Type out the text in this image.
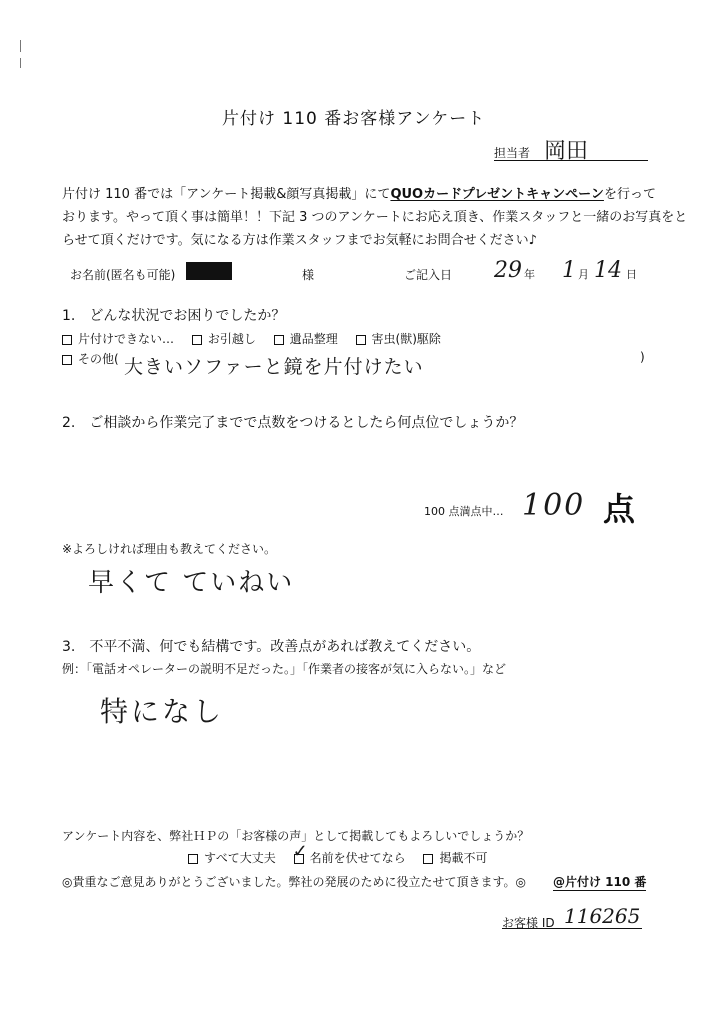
片付け 110 番お客様アンケート
担当者 岡田
片付け 110 番では「アンケート掲載&顔写真掲載」にてQUOカードプレゼントキャンペーンを行って
おります。やって頂く事は簡単！！下記 3 つのアンケートにお応え頂き、作業スタッフと一緒のお写真をと
らせて頂くだけです。気になる方は作業スタッフまでお気軽にお問合せください♪
お名前(匿名も可能)	様	ご記入日 29 年 1 月 14 日
1. どんな状況でお困りでしたか？
片付けできない…	お引越し	遺品整理	害虫(獣)駆除
その他( 大きいソファーと鏡を片付けたい	)
2. ご相談から作業完了までで点数をつけるとしたら何点位でしょうか？
100 点満点中… 100 点
※よろしければ理由も教えてください。
早くて ていねい
3. 不平不満、何でも結構です。改善点があれば教えてください。
例：「電話オペレーターの説明不足だった。」「作業者の接客が気に入らない。」など
特になし
アンケート内容を、弊社ＨＰの「お客様の声」として掲載してもよろしいでしょうか？
すべて大丈夫 ✓ 名前を伏せてなら	掲載不可
◎貴重なご意見ありがとうございました。弊社の発展のために役立たせて頂きます。◎ @片付け 110 番
お客様 ID 116265
